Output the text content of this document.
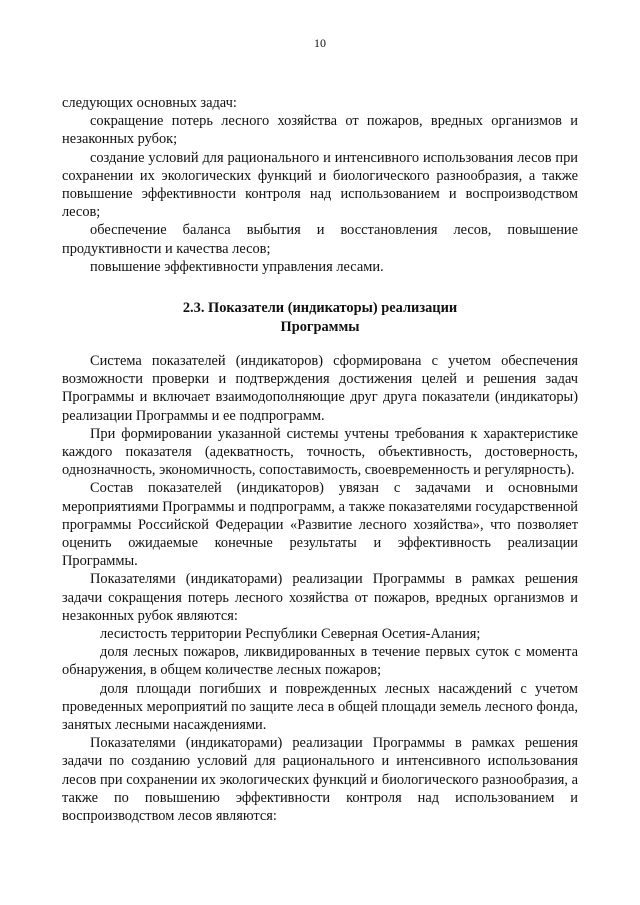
10

следующих основных задач:

сокращение потерь лесного хозяйства от пожаров, вредных организмов и незаконных рубок;

создание условий для рационального и интенсивного использования лесов при сохранении их экологических функций и биологического разнообразия, а также повышение эффективности контроля над использованием и воспроизводством лесов;

обеспечение баланса выбытия и восстановления лесов, повышение продуктивности и качества лесов;

повышение эффективности управления лесами.

2.3. Показатели (индикаторы) реализации
Программы

Система показателей (индикаторов) сформирована с учетом обеспечения возможности проверки и подтверждения достижения целей и решения задач Программы и включает взаимодополняющие друг друга показатели (индикаторы) реализации Программы и ее подпрограмм.

При формировании указанной системы учтены требования к характеристике каждого показателя (адекватность, точность, объективность, достоверность, однозначность, экономичность, сопоставимость, своевременность и регулярность).

Состав показателей (индикаторов) увязан с задачами и основными мероприятиями Программы и подпрограмм, а также показателями государственной программы Российской Федерации «Развитие лесного хозяйства», что позволяет оценить ожидаемые конечные результаты и эффективность реализации Программы.

Показателями (индикаторами) реализации Программы в рамках решения задачи сокращения потерь лесного хозяйства от пожаров, вредных организмов и незаконных рубок являются:

лесистость территории Республики Северная Осетия-Алания;

доля лесных пожаров, ликвидированных в течение первых суток с момента обнаружения, в общем количестве лесных пожаров;

доля площади погибших и поврежденных лесных насаждений с учетом проведенных мероприятий по защите леса в общей площади земель лесного фонда, занятых лесными насаждениями.

Показателями (индикаторами) реализации Программы в рамках решения задачи по созданию условий для рационального и интенсивного использования лесов при сохранении их экологических функций и биологического разнообразия, а также по повышению эффективности контроля над использованием и воспроизводством лесов являются:
